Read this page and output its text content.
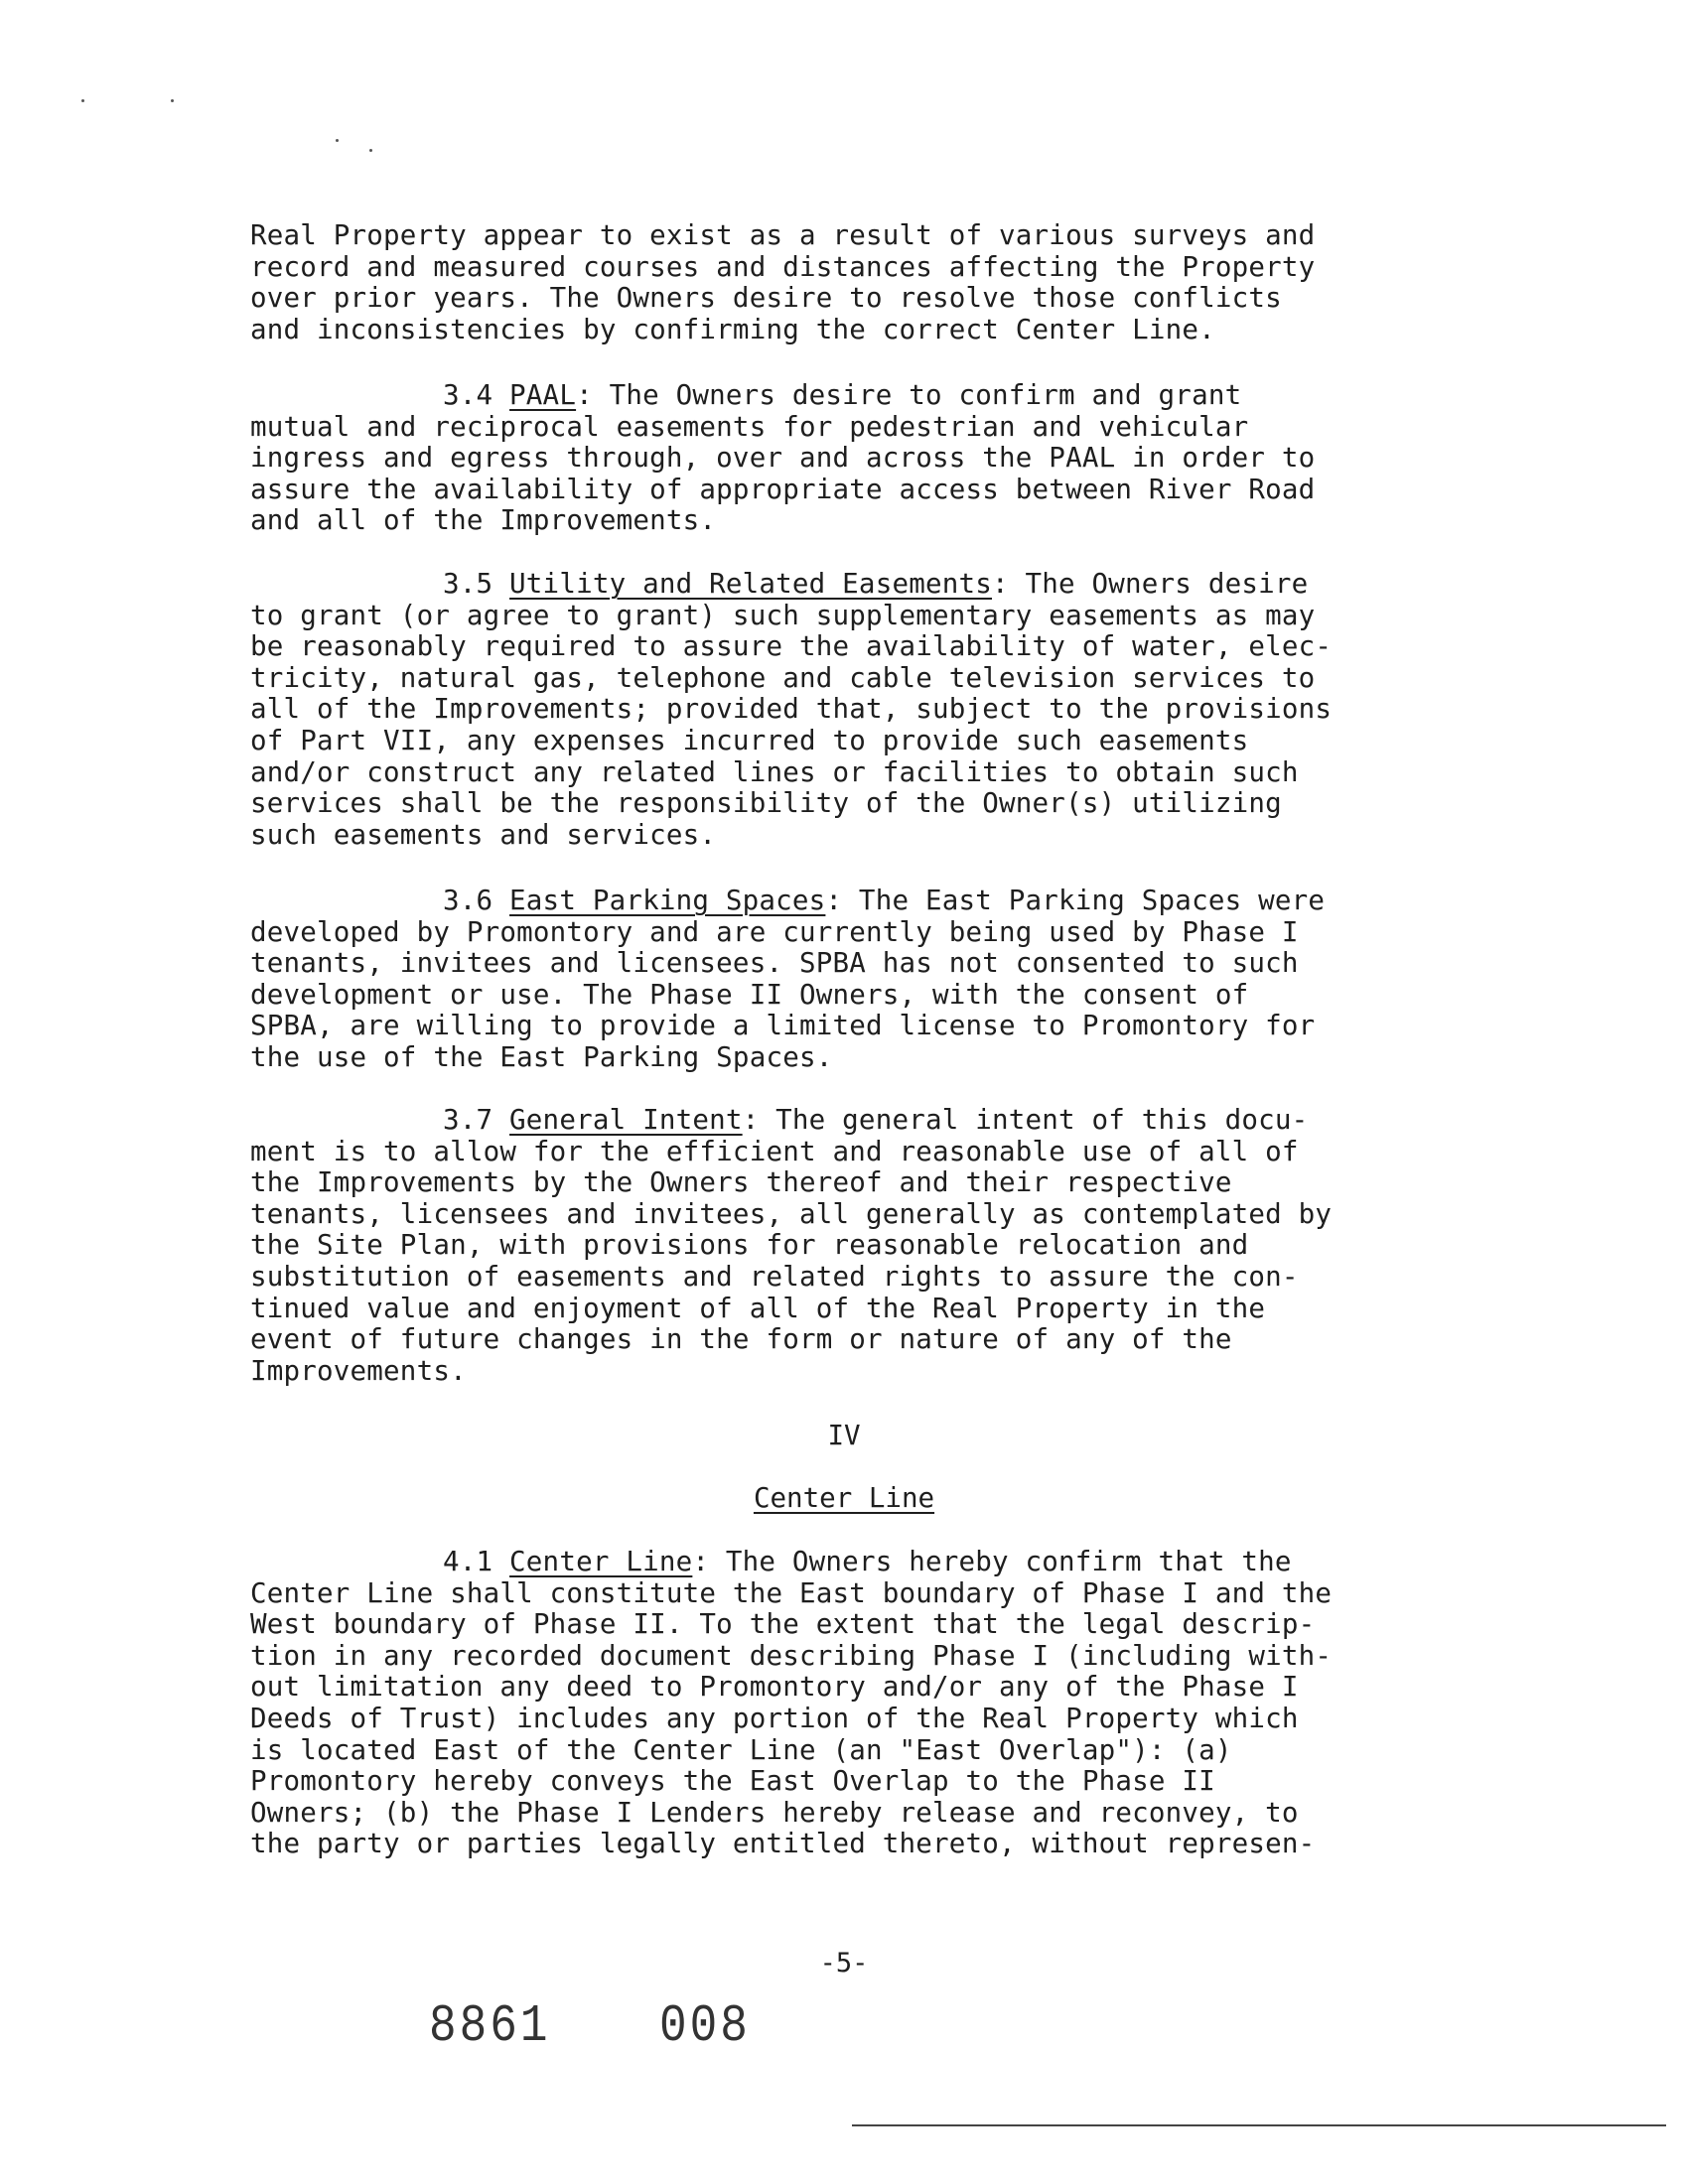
Real Property appear to exist as a result of various surveys and
record and measured courses and distances affecting the Property
over prior years. The Owners desire to resolve those conflicts
and inconsistencies by confirming the correct Center Line.
3.4 PAAL: The Owners desire to confirm and grant
mutual and reciprocal easements for pedestrian and vehicular
ingress and egress through, over and across the PAAL in order to
assure the availability of appropriate access between River Road
and all of the Improvements.
3.5 Utility and Related Easements: The Owners desire
to grant (or agree to grant) such supplementary easements as may
be reasonably required to assure the availability of water, elec-
tricity, natural gas, telephone and cable television services to
all of the Improvements; provided that, subject to the provisions
of Part VII, any expenses incurred to provide such easements
and/or construct any related lines or facilities to obtain such
services shall be the responsibility of the Owner(s) utilizing
such easements and services.
3.6 East Parking Spaces: The East Parking Spaces were
developed by Promontory and are currently being used by Phase I
tenants, invitees and licensees. SPBA has not consented to such
development or use. The Phase II Owners, with the consent of
SPBA, are willing to provide a limited license to Promontory for
the use of the East Parking Spaces.
3.7 General Intent: The general intent of this docu-
ment is to allow for the efficient and reasonable use of all of
the Improvements by the Owners thereof and their respective
tenants, licensees and invitees, all generally as contemplated by
the Site Plan, with provisions for reasonable relocation and
substitution of easements and related rights to assure the con-
tinued value and enjoyment of all of the Real Property in the
event of future changes in the form or nature of any of the
Improvements.
IV
Center Line
4.1 Center Line: The Owners hereby confirm that the
Center Line shall constitute the East boundary of Phase I and the
West boundary of Phase II. To the extent that the legal descrip-
tion in any recorded document describing Phase I (including with-
out limitation any deed to Promontory and/or any of the Phase I
Deeds of Trust) includes any portion of the Real Property which
is located East of the Center Line (an "East Overlap"): (a)
Promontory hereby conveys the East Overlap to the Phase II
Owners; (b) the Phase I Lenders hereby release and reconvey, to
the party or parties legally entitled thereto, without represen-
-5-
8861 008
